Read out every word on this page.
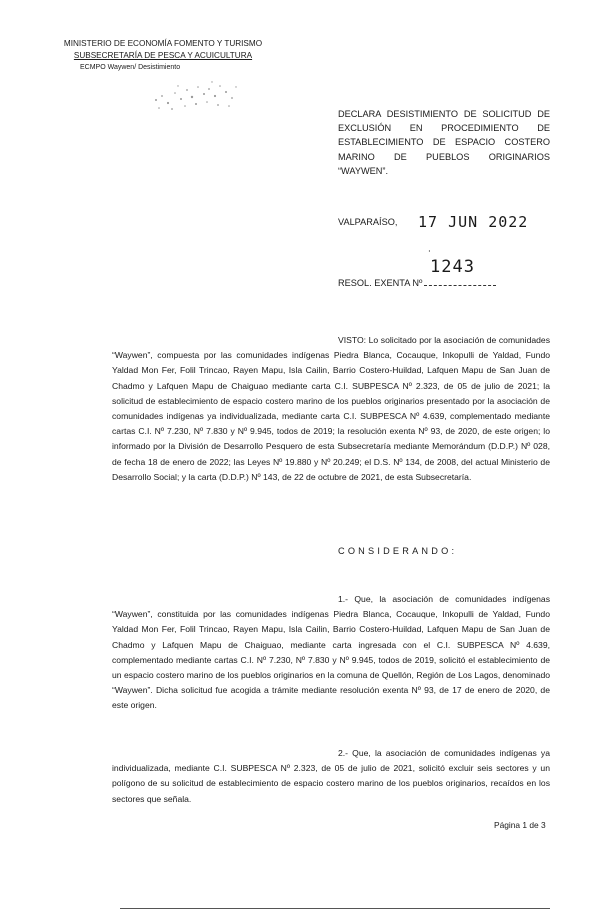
MINISTERIO DE ECONOMÍA FOMENTO Y TURISMO
SUBSECRETARÍA DE PESCA Y ACUICULTURA
ECMPO Waywen/ Desistimiento
DECLARA DESISTIMIENTO DE SOLICITUD DE EXCLUSIÓN EN PROCEDIMIENTO DE ESTABLECIMIENTO DE ESPACIO COSTERO MARINO DE PUEBLOS ORIGINARIOS “WAYWEN”.
VALPARAÍSO, 17 JUN 2022
˙
RESOL. EXENTA Nº
1243
VISTO: Lo solicitado por la asociación de comunidades “Waywen”, compuesta por las comunidades indígenas Piedra Blanca, Cocauque, Inkopulli de Yaldad, Fundo Yaldad Mon Fer, Folil Trincao, Rayen Mapu, Isla Cailin, Barrio Costero-Huildad, Lafquen Mapu de San Juan de Chadmo y Lafquen Mapu de Chaiguao mediante carta C.I. SUBPESCA Nº 2.323, de 05 de julio de 2021; la solicitud de establecimiento de espacio costero marino de los pueblos originarios presentado por la asociación de comunidades indígenas ya individualizada, mediante carta C.I. SUBPESCA Nº 4.639, complementado mediante cartas C.I. Nº 7.230, Nº 7.830 y Nº 9.945, todos de 2019; la resolución exenta Nº 93, de 2020, de este origen; lo informado por la División de Desarrollo Pesquero de esta Subsecretaría mediante Memorándum (D.D.P.) Nº 028, de fecha 18 de enero de 2022; las Leyes Nº 19.880 y Nº 20.249; el D.S. Nº 134, de 2008, del actual Ministerio de Desarrollo Social; y la carta (D.D.P.) Nº 143, de 22 de octubre de 2021, de esta Subsecretaría.
CONSIDERANDO:
1.- Que, la asociación de comunidades indígenas “Waywen”, constituida por las comunidades indígenas Piedra Blanca, Cocauque, Inkopulli de Yaldad, Fundo Yaldad Mon Fer, Folil Trincao, Rayen Mapu, Isla Cailin, Barrio Costero-Huildad, Lafquen Mapu de San Juan de Chadmo y Lafquen Mapu de Chaiguao, mediante carta ingresada con el C.I. SUBPESCA Nº 4.639, complementado mediante cartas C.I. Nº 7.230, Nº 7.830 y Nº 9.945, todos de 2019, solicitó el establecimiento de un espacio costero marino de los pueblos originarios en la comuna de Quellón, Región de Los Lagos, denominado “Waywen”. Dicha solicitud fue acogida a trámite mediante resolución exenta Nº 93, de 17 de enero de 2020, de este origen.
2.- Que, la asociación de comunidades indígenas ya individualizada, mediante C.I. SUBPESCA Nº 2.323, de 05 de julio de 2021, solicitó excluir seis sectores y un polígono de su solicitud de establecimiento de espacio costero marino de los pueblos originarios, recaídos en los sectores que señala.
Página 1 de 3
